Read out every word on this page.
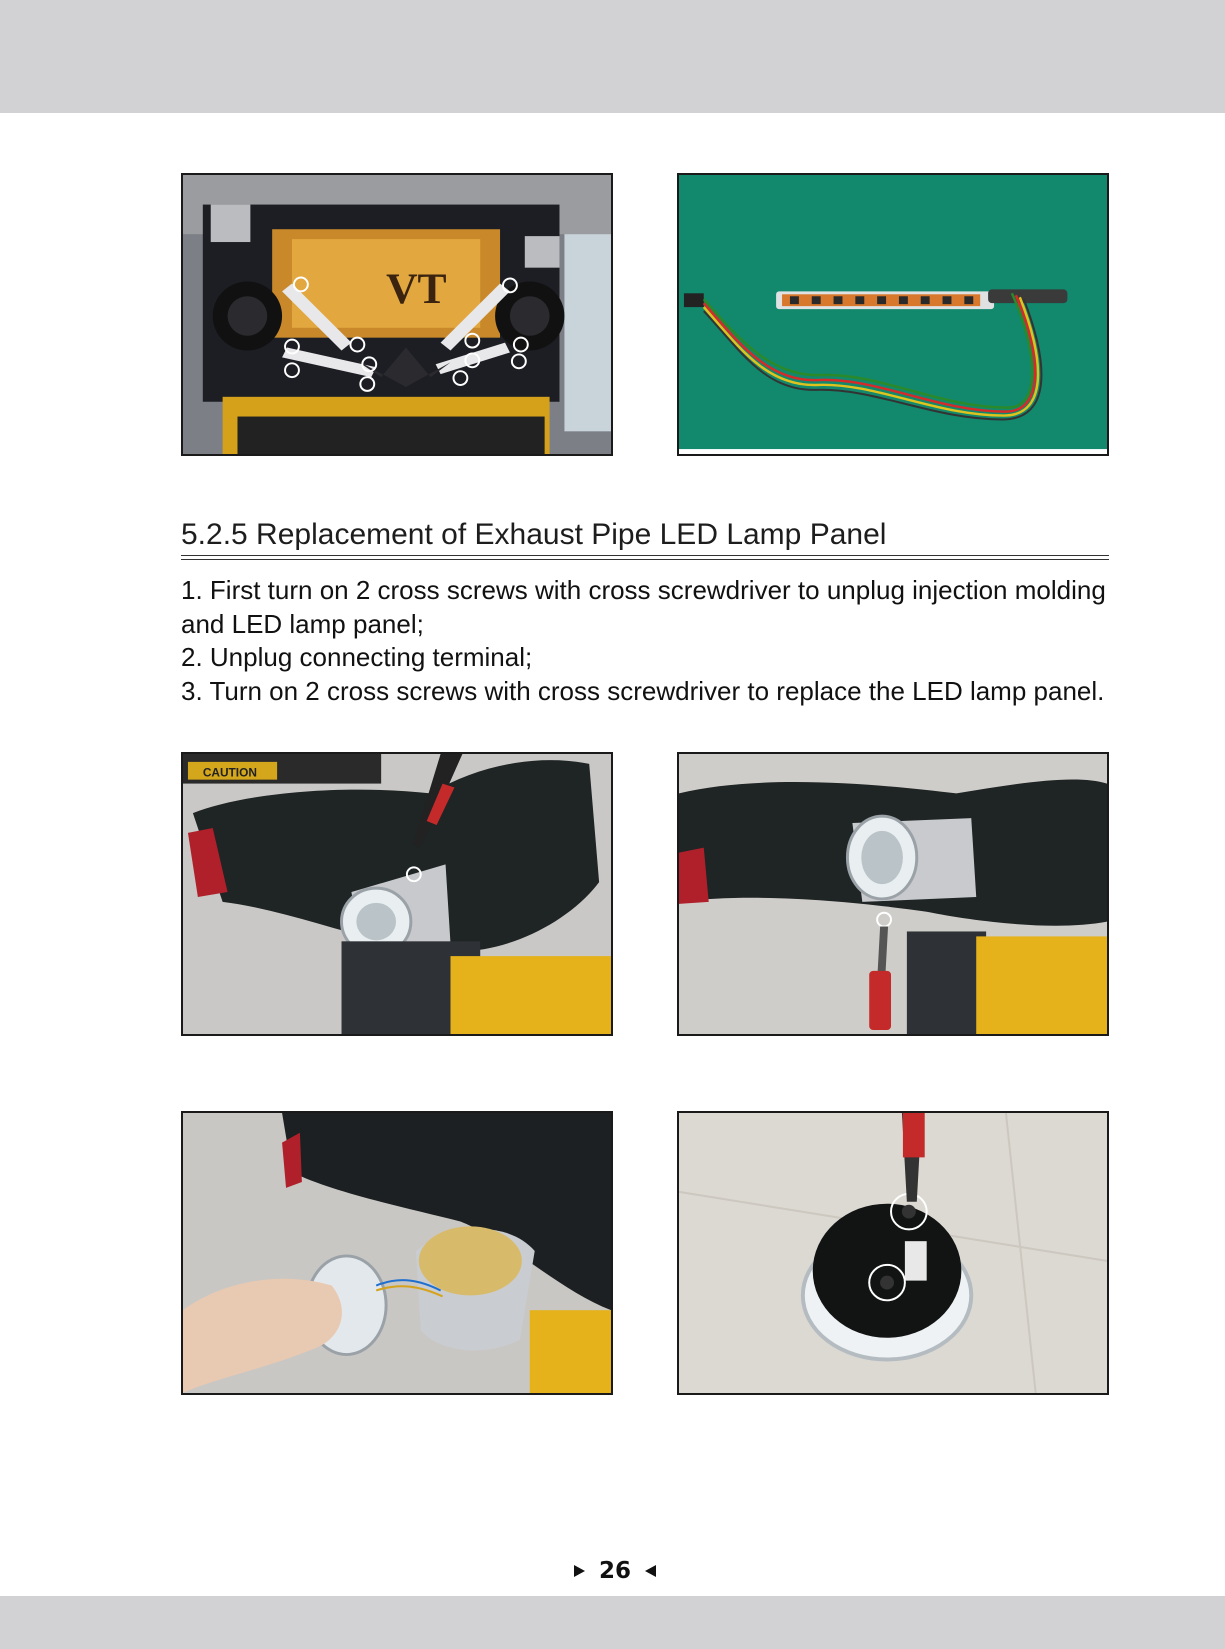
VT
5.2.5 Replacement of Exhaust Pipe LED Lamp Panel
1. First turn on 2 cross screws with cross screwdriver to unplug injection molding and LED lamp panel;
2. Unplug connecting terminal;
3. Turn on 2 cross screws with cross screwdriver to replace the LED lamp panel.
CAUTION
26
